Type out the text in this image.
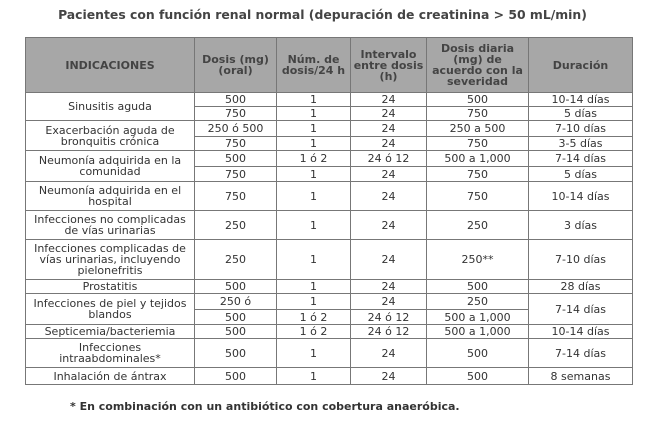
Pacientes con función renal normal (depuración de creatinina > 50 mL/min)
INDICACIONES	Dosis (mg) (oral)	Núm. de dosis/24 h	Intervalo entre dosis (h)	Dosis diaria (mg) de acuerdo con la severidad	Duración
Sinusitis aguda	500	1	24	500	10-14 días
	750	1	24	750	5 días
Exacerbación aguda de bronquitis crónica	250 ó 500	1	24	250 a 500	7-10 días
	750	1	24	750	3-5 días
Neumonía adquirida en la comunidad	500	1 ó 2	24 ó 12	500 a 1,000	7-14 días
	750	1	24	750	5 días
Neumonía adquirida en el hospital	750	1	24	750	10-14 días
Infecciones no complicadas de vías urinarias	250	1	24	250	3 días
Infecciones complicadas de vías urinarias, incluyendo pielonefritis	250	1	24	250**	7-10 días
Prostatitis	500	1	24	500	28 días
Infecciones de piel y tejidos blandos	250 ó	1	24	250	7-14 días
	500	1 ó 2	24 ó 12	500 a 1,000	
Septicemia/bacteriemia	500	1 ó 2	24 ó 12	500 a 1,000	10-14 días
Infecciones intraabdominales*	500	1	24	500	7-14 días
Inhalación de ántrax	500	1	24	500	8 semanas
* En combinación con un antibiótico con cobertura anaeróbica.
